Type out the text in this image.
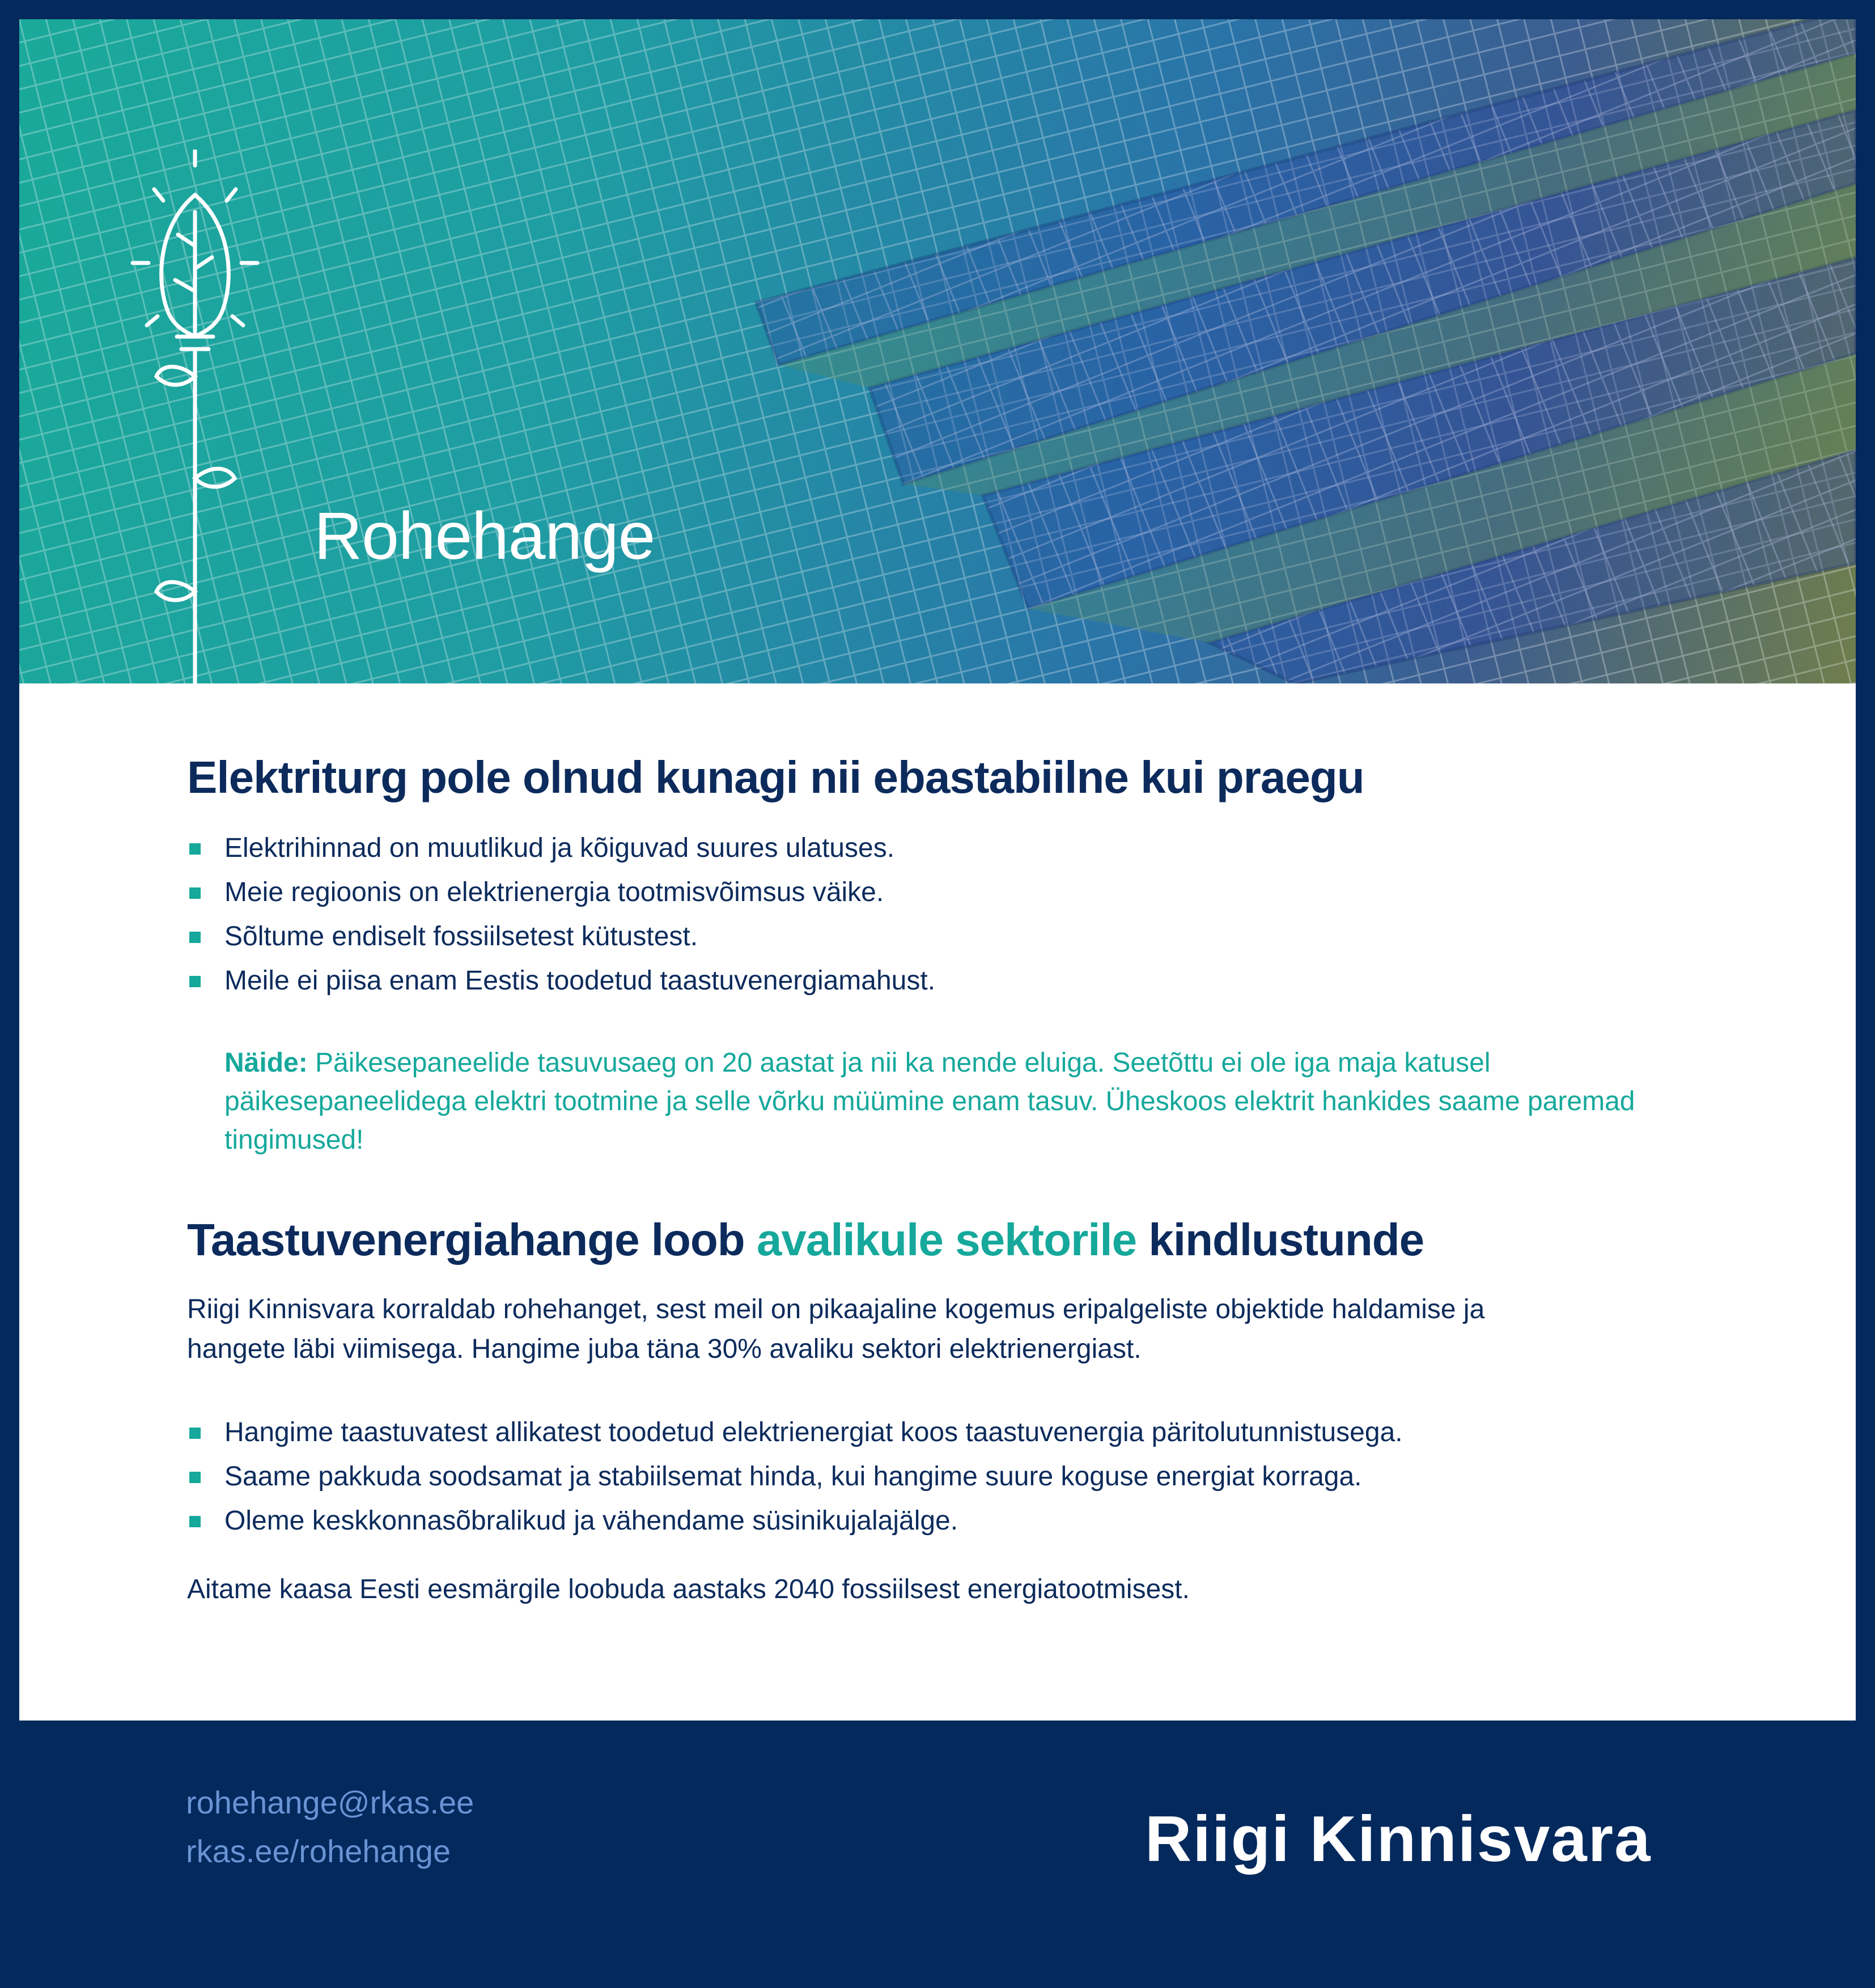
Rohehange
Elektriturg pole olnud kunagi nii ebastabiilne kui praegu
Elektrihinnad on muutlikud ja kõiguvad suures ulatuses.
Meie regioonis on elektrienergia tootmisvõimsus väike.
Sõltume endiselt fossiilsetest kütustest.
Meile ei piisa enam Eestis toodetud taastuvenergiamahust.
Näide: Päikesepaneelide tasuvusaeg on 20 aastat ja nii ka nende eluiga. Seetõttu ei ole iga maja katusel päikesepaneelidega elektri tootmine ja selle võrku müümine enam tasuv. Üheskoos elektrit hankides saame paremad tingimused!
Taastuvenergiahange loob avalikule sektorile kindlustunde
Riigi Kinnisvara korraldab rohehanget, sest meil on pikaajaline kogemus eripalgeliste objektide haldamise ja hangete läbi viimisega. Hangime juba täna 30% avaliku sektori elektrienergiast.
Hangime taastuvatest allikatest toodetud elektrienergiat koos taastuvenergia päritolutunnistusega.
Saame pakkuda soodsamat ja stabiilsemat hinda, kui hangime suure koguse energiat korraga.
Oleme keskkonnasõbralikud ja vähendame süsinikujalajälge.
Aitame kaasa Eesti eesmärgile loobuda aastaks 2040 fossiilsest energiatootmisest.
rohehange@rkas.ee
rkas.ee/rohehange	Riigi Kinnisvara
